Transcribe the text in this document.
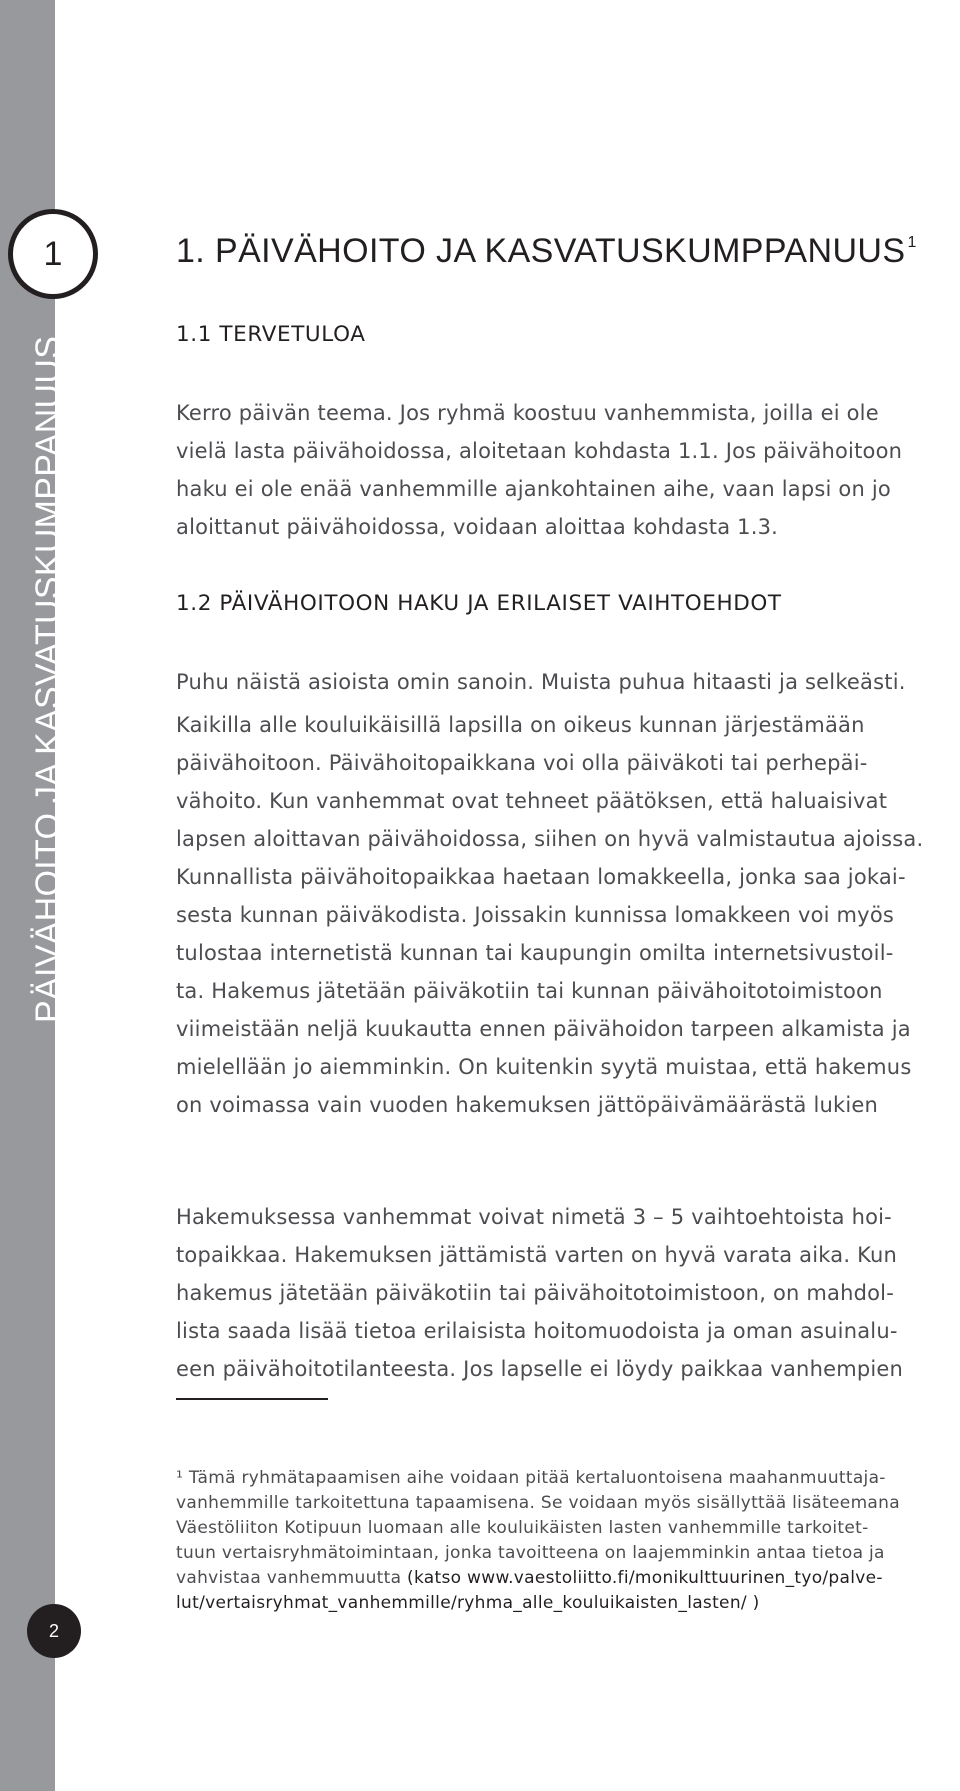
PÄIVÄHOITO JA KASVATUSKUMPPANUUS
1
2
1. PÄIVÄHOITO JA KASVATUSKUMPPANUUS $^1$
1.1 TERVETULOA
Kerro päivän teema. Jos ryhmä koostuu vanhemmista, joilla ei ole
vielä lasta päivähoidossa, aloitetaan kohdasta 1.1. Jos päivähoitoon
haku ei ole enää vanhemmille ajankohtainen aihe, vaan lapsi on jo
aloittanut päivähoidossa, voidaan aloittaa kohdasta 1.3.
1.2 PÄIVÄHOITOON HAKU JA ERILAISET VAIHTOEHDOT
Puhu näistä asioista omin sanoin. Muista puhua hitaasti ja selkeästi.
Kaikilla alle kouluikäisillä lapsilla on oikeus kunnan järjestämään
päivähoitoon. Päivähoitopaikkana voi olla päiväkoti tai perhepäi-
vähoito. Kun vanhemmat ovat tehneet päätöksen, että haluaisivat
lapsen aloittavan päivähoidossa, siihen on hyvä valmistautua ajoissa.
Kunnallista päivähoitopaikkaa haetaan lomakkeella, jonka saa jokai-
sesta kunnan päiväkodista. Joissakin kunnissa lomakkeen voi myös
tulostaa internetistä kunnan tai kaupungin omilta internetsivustoil-
ta. Hakemus jätetään päiväkotiin tai kunnan päivähoitotoimistoon
viimeistään neljä kuukautta ennen päivähoidon tarpeen alkamista ja
mielellään jo aiemminkin. On kuitenkin syytä muistaa, että hakemus
on voimassa vain vuoden hakemuksen jättöpäivämäärästä lukien
Hakemuksessa vanhemmat voivat nimetä 3 – 5 vaihtoehtoista hoi-
topaikkaa. Hakemuksen jättämistä varten on hyvä varata aika. Kun
hakemus jätetään päiväkotiin tai päivähoitotoimistoon, on mahdol-
lista saada lisää tietoa erilaisista hoitomuodoista ja oman asuinalu-
een päivähoitotilanteesta. Jos lapselle ei löydy paikkaa vanhempien
¹ Tämä ryhmätapaamisen aihe voidaan pitää kertaluontoisena maahanmuuttaja-
vanhemmille tarkoitettuna tapaamisena. Se voidaan myös sisällyttää lisäteemana
Väestöliiton Kotipuun luomaan alle kouluikäisten lasten vanhemmille tarkoitet-
tuun vertaisryhmätoimintaan, jonka tavoitteena on laajemminkin antaa tietoa ja
vahvistaa vanhemmuutta (katso www.vaestoliitto.fi/monikulttuurinen_tyo/palve-
lut/vertaisryhmat_vanhemmille/ryhma_alle_kouluikaisten_lasten/ )
